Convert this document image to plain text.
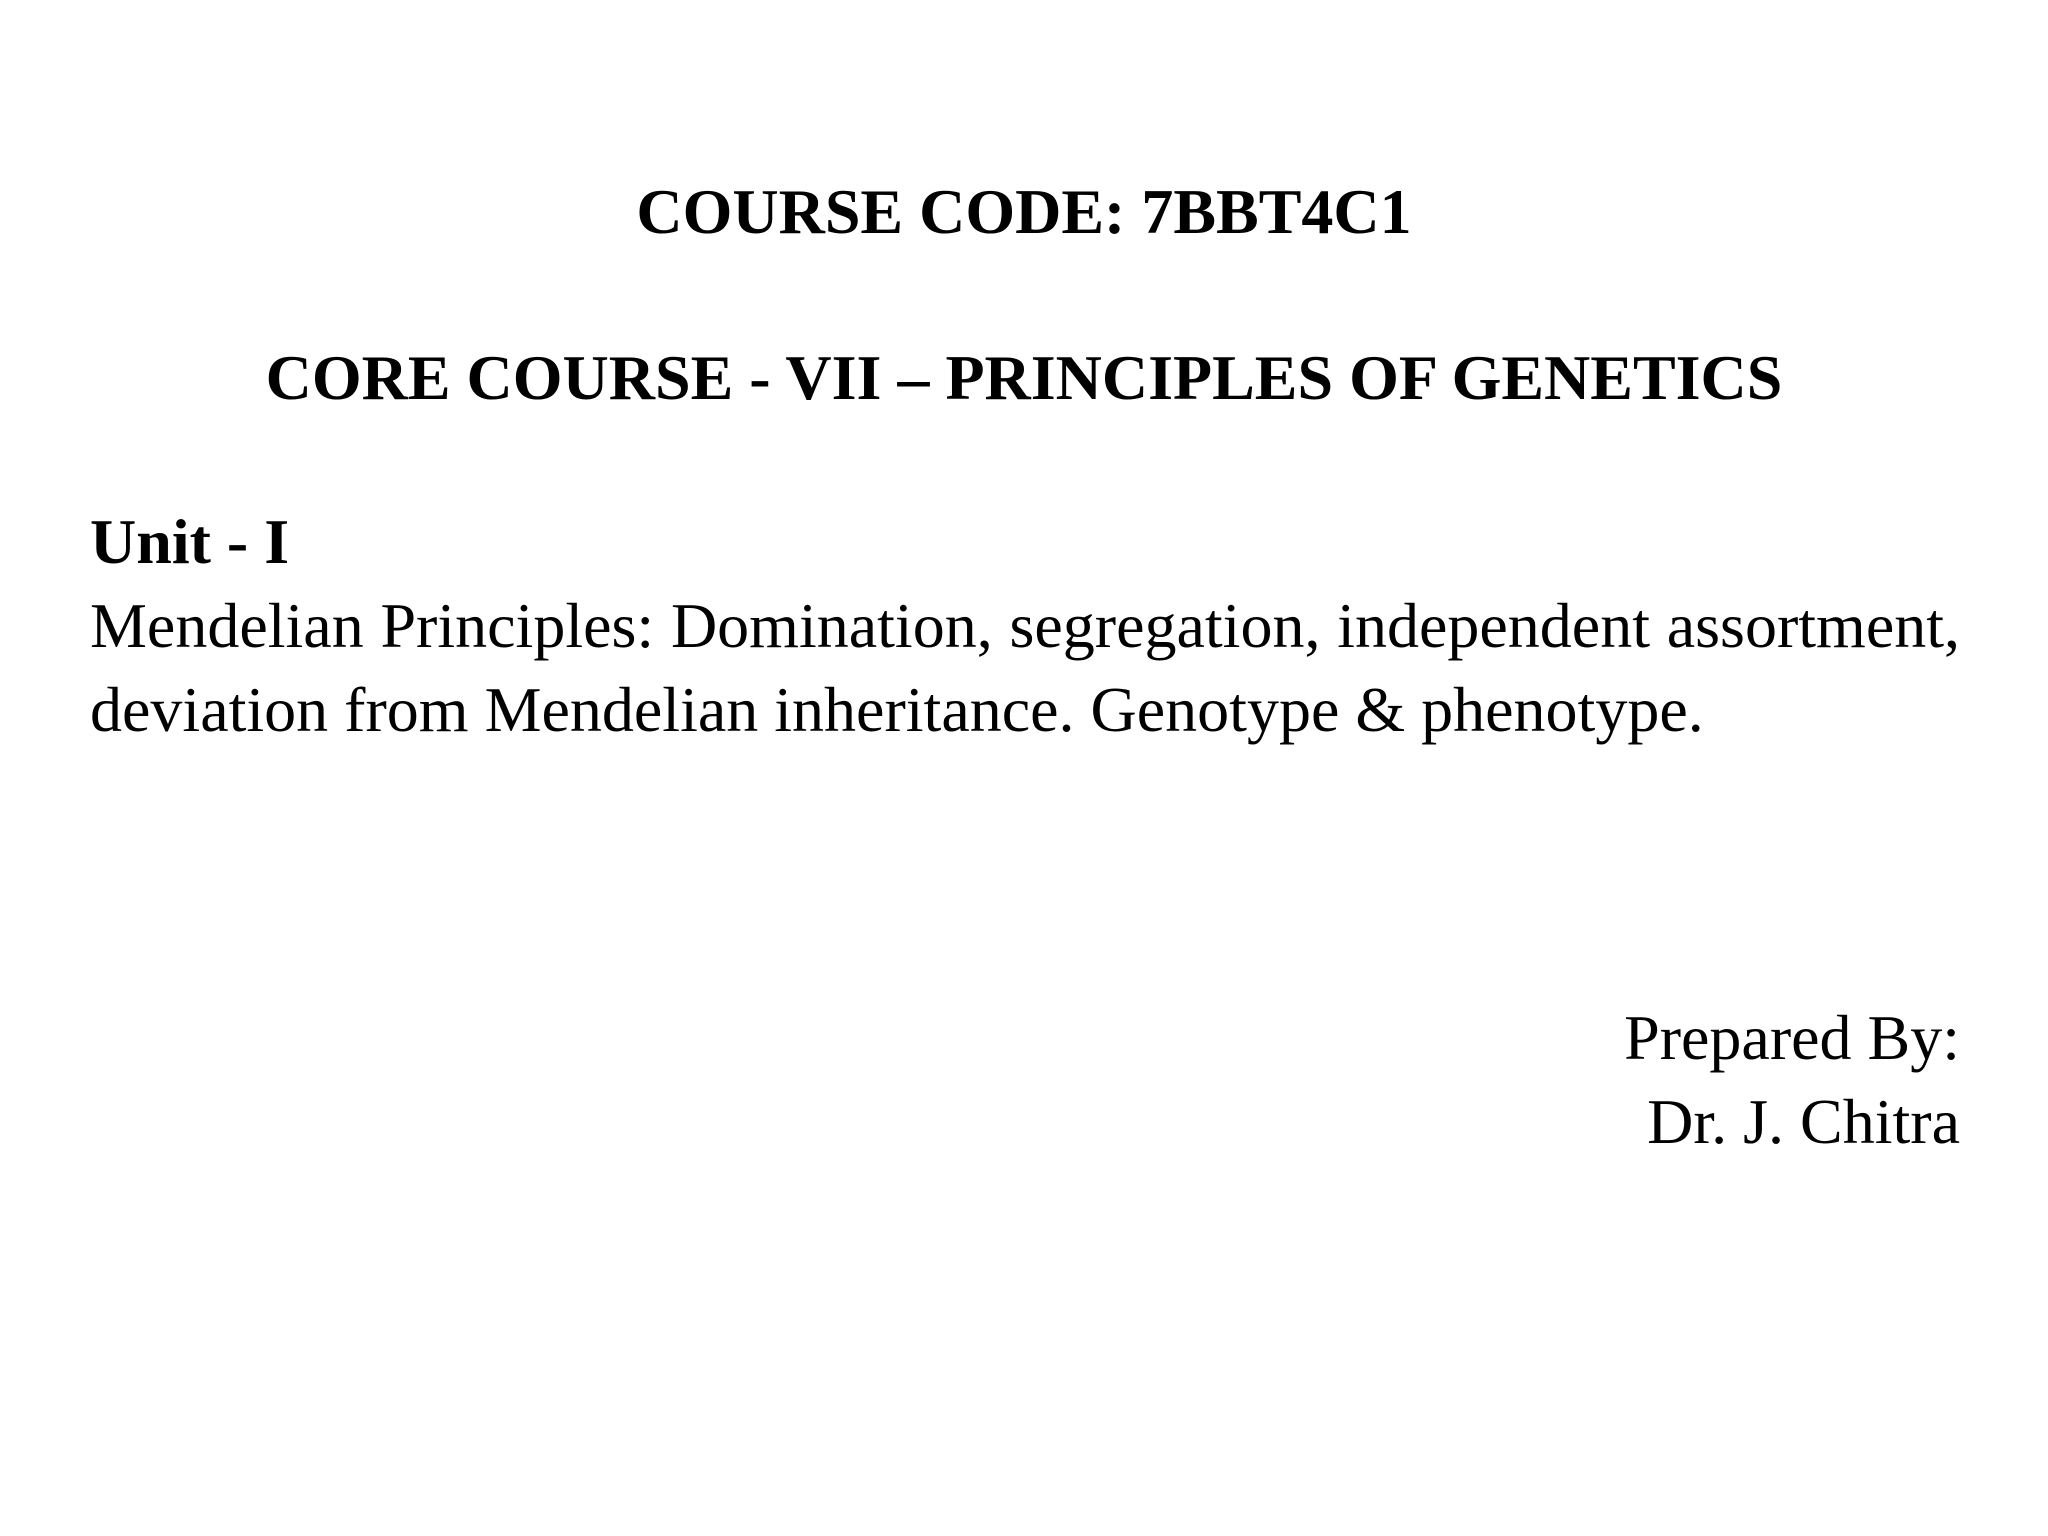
COURSE CODE: 7BBT4C1
CORE COURSE - VII – PRINCIPLES OF GENETICS
Unit - I

Mendelian Principles: Domination, segregation, independent assortment, deviation from Mendelian inheritance. Genotype & phenotype.

Prepared By:
Dr. J. Chitra
